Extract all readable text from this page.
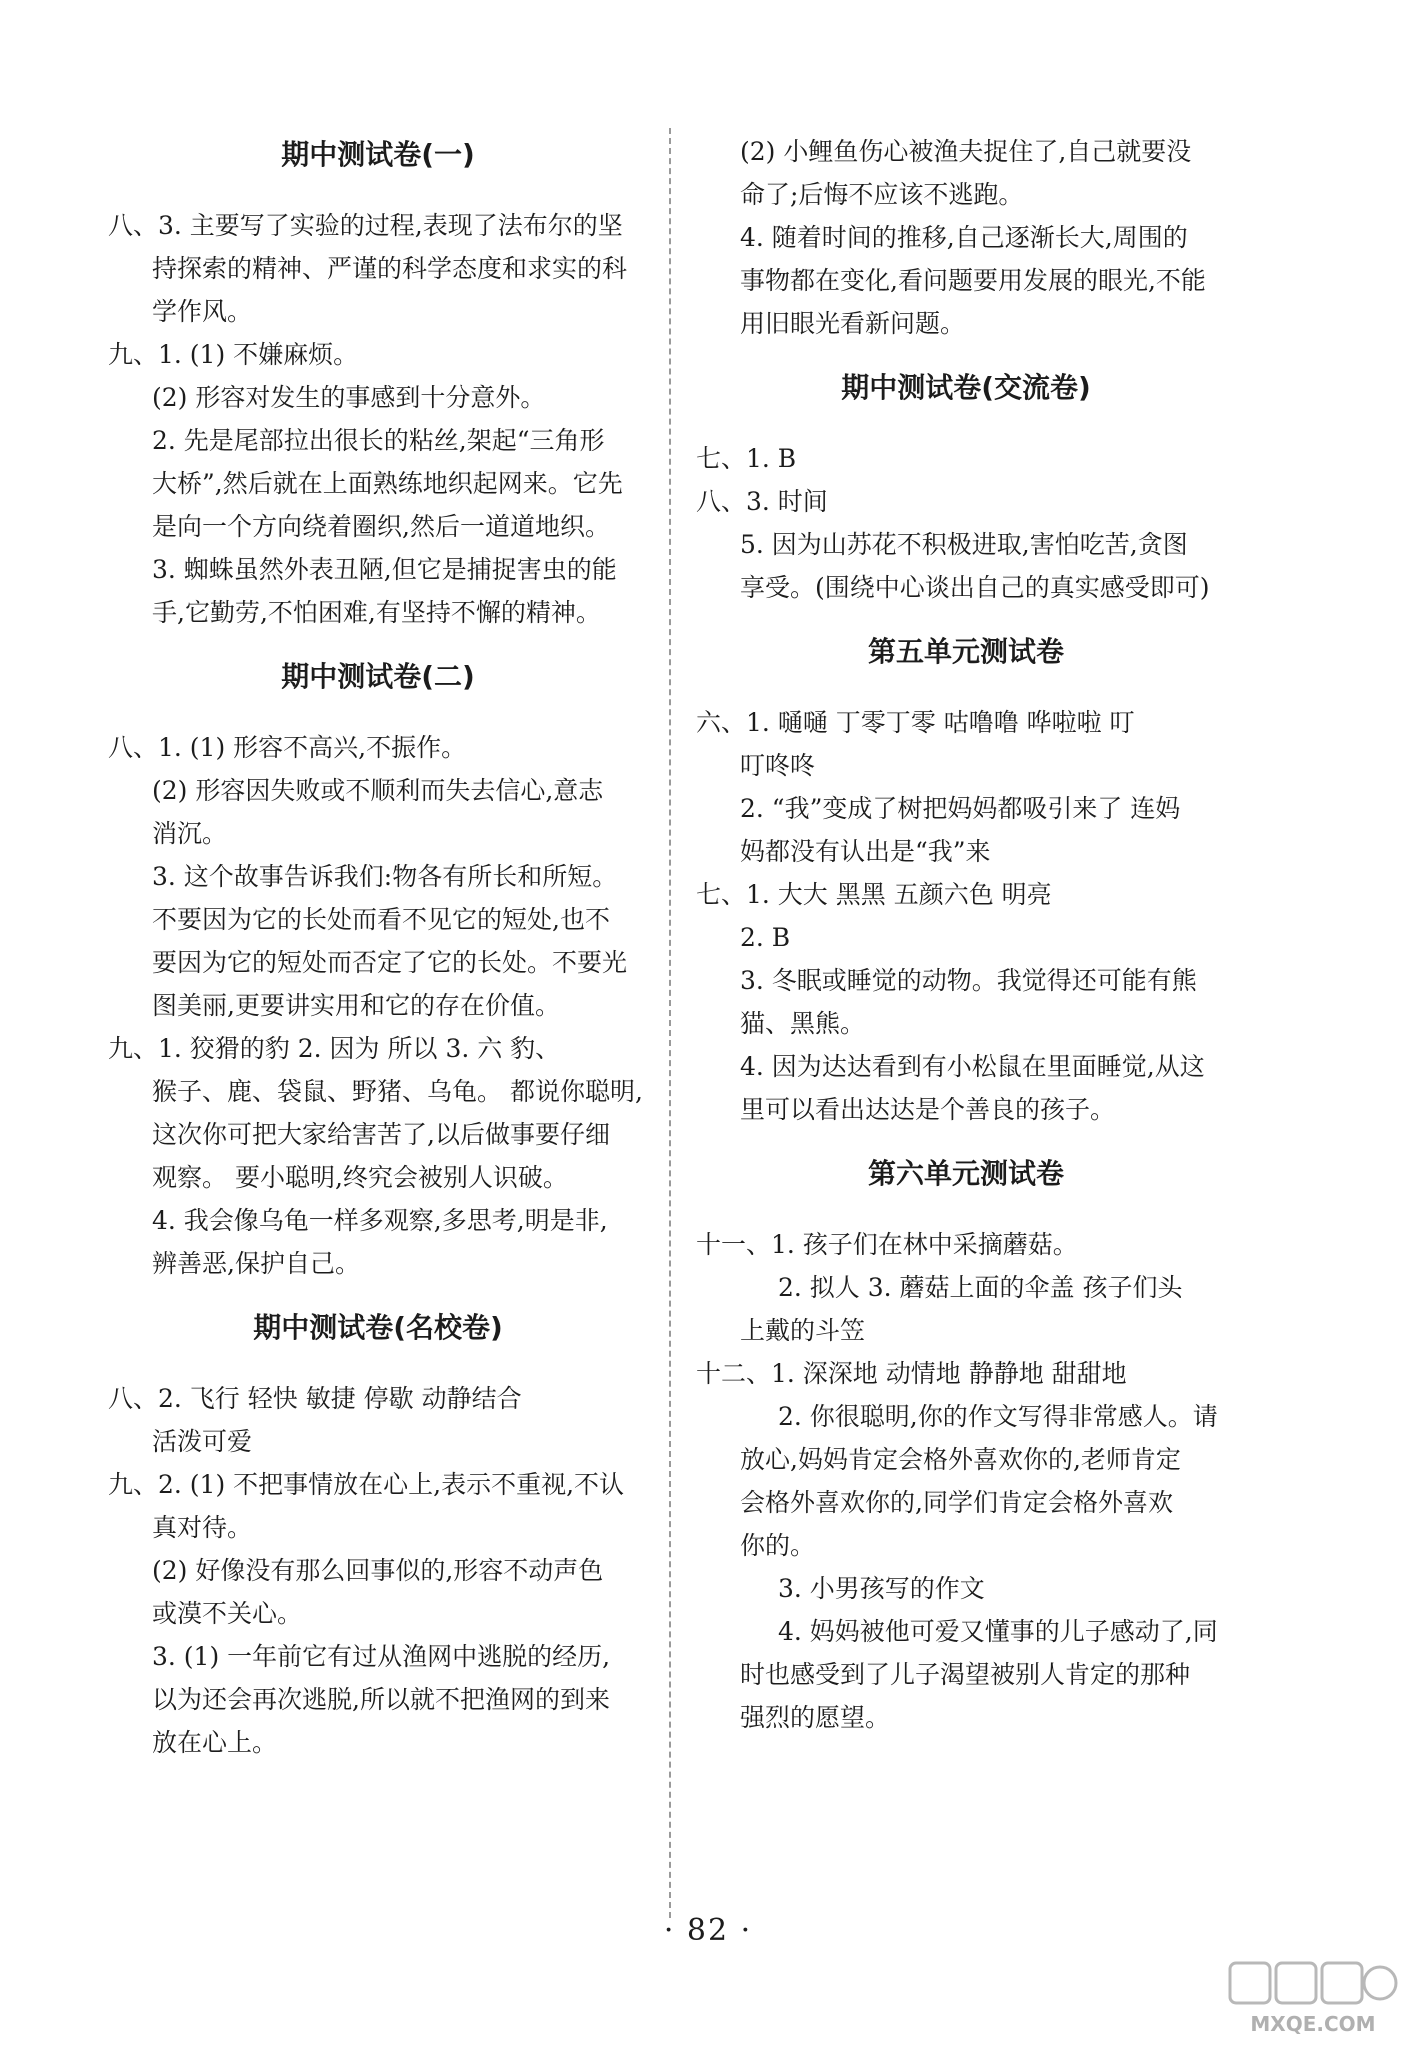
期中测试卷(一)
八、3. 主要写了实验的过程,表现了法布尔的坚
持探索的精神、严谨的科学态度和求实的科
学作风。
九、1. (1) 不嫌麻烦。
(2) 形容对发生的事感到十分意外。
2. 先是尾部拉出很长的粘丝,架起“三角形
大桥”,然后就在上面熟练地织起网来。它先
是向一个方向绕着圈织,然后一道道地织。
3. 蜘蛛虽然外表丑陋,但它是捕捉害虫的能
手,它勤劳,不怕困难,有坚持不懈的精神。
期中测试卷(二)
八、1. (1) 形容不高兴,不振作。
(2) 形容因失败或不顺利而失去信心,意志
消沉。
3. 这个故事告诉我们:物各有所长和所短。
不要因为它的长处而看不见它的短处,也不
要因为它的短处而否定了它的长处。不要光
图美丽,更要讲实用和它的存在价值。
九、1. 狡猾的豹 2. 因为 所以 3. 六 豹、
猴子、鹿、袋鼠、野猪、乌龟。 都说你聪明,
这次你可把大家给害苦了,以后做事要仔细
观察。 要小聪明,终究会被别人识破。
4. 我会像乌龟一样多观察,多思考,明是非,
辨善恶,保护自己。
期中测试卷(名校卷)
八、2. 飞行 轻快 敏捷 停歇 动静结合
活泼可爱
九、2. (1) 不把事情放在心上,表示不重视,不认
真对待。
(2) 好像没有那么回事似的,形容不动声色
或漠不关心。
3. (1) 一年前它有过从渔网中逃脱的经历,
以为还会再次逃脱,所以就不把渔网的到来
放在心上。
(2) 小鲤鱼伤心被渔夫捉住了,自己就要没
命了;后悔不应该不逃跑。
4. 随着时间的推移,自己逐渐长大,周围的
事物都在变化,看问题要用发展的眼光,不能
用旧眼光看新问题。
期中测试卷(交流卷)
七、1. B
八、3. 时间
5. 因为山苏花不积极进取,害怕吃苦,贪图
享受。(围绕中心谈出自己的真实感受即可)
第五单元测试卷
六、1. 嗵嗵 丁零丁零 咕噜噜 哗啦啦 叮
叮咚咚
2. “我”变成了树把妈妈都吸引来了 连妈
妈都没有认出是“我”来
七、1. 大大 黑黑 五颜六色 明亮
2. B
3. 冬眠或睡觉的动物。我觉得还可能有熊
猫、黑熊。
4. 因为达达看到有小松鼠在里面睡觉,从这
里可以看出达达是个善良的孩子。
第六单元测试卷
十一、1. 孩子们在林中采摘蘑菇。
2. 拟人 3. 蘑菇上面的伞盖 孩子们头
上戴的斗笠
十二、1. 深深地 动情地 静静地 甜甜地
2. 你很聪明,你的作文写得非常感人。请
放心,妈妈肯定会格外喜欢你的,老师肯定
会格外喜欢你的,同学们肯定会格外喜欢
你的。
3. 小男孩写的作文
4. 妈妈被他可爱又懂事的儿子感动了,同
时也感受到了儿子渴望被别人肯定的那种
强烈的愿望。
· 82 ·
MXQE.COM
